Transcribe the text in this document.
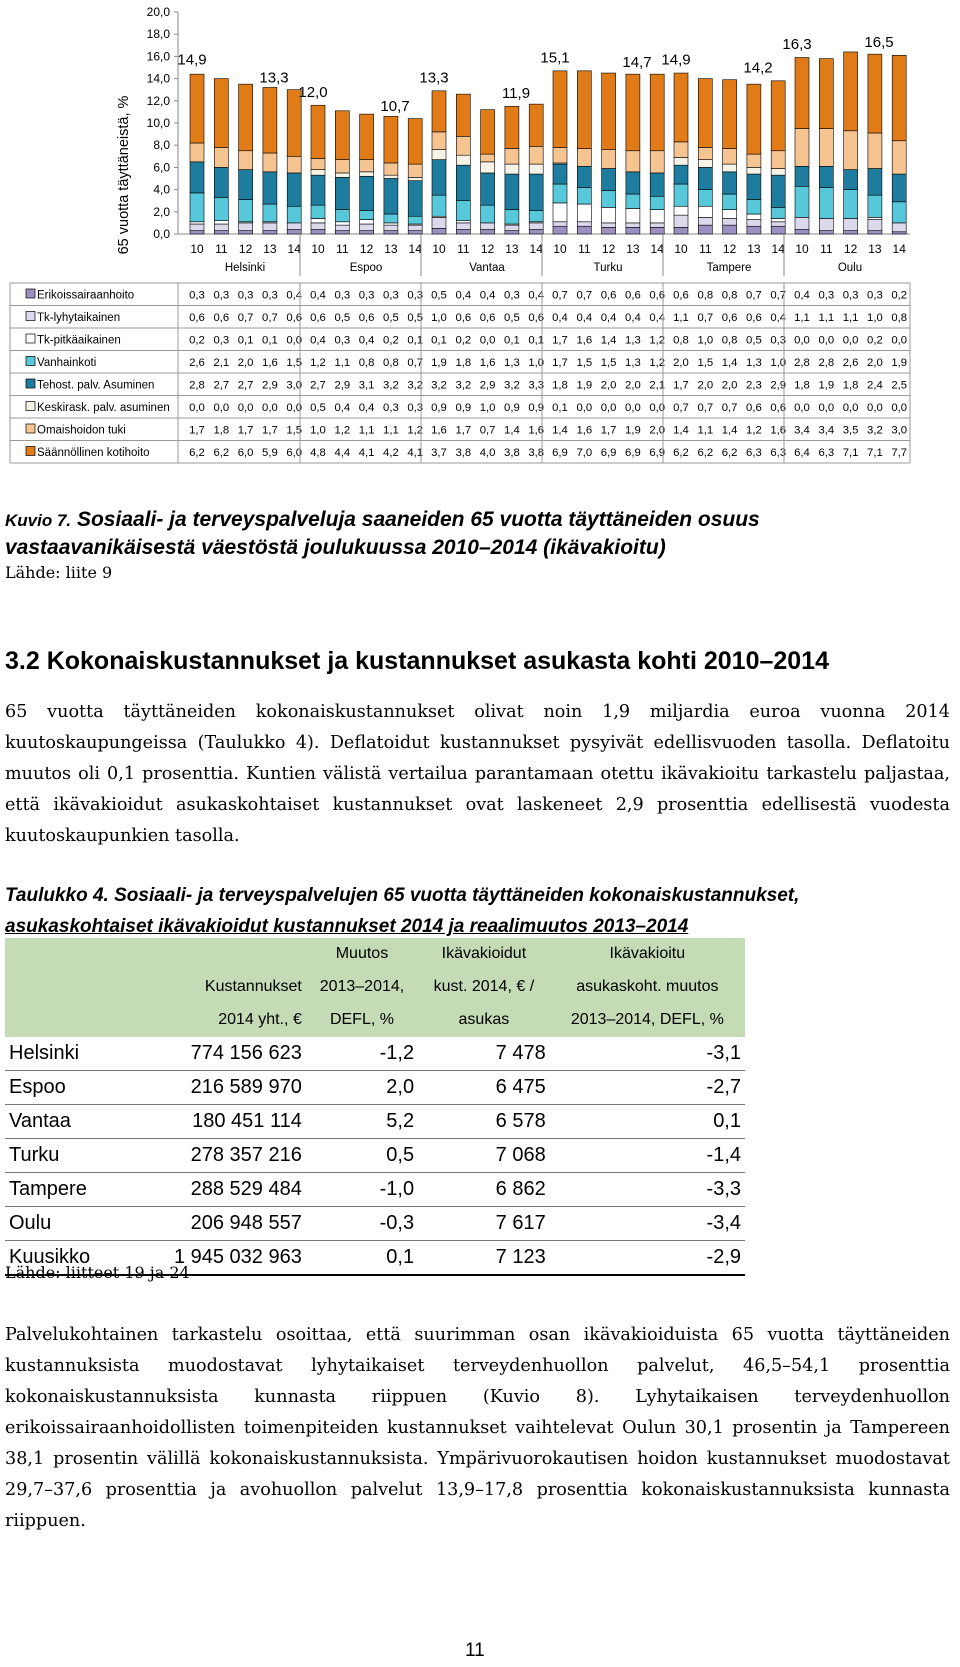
65 vuotta täyttäneistä, % 0,0
2,0
4,0
6,0
8,0
10,0
12,0
14,0
16,0
18,0
20,0
14,9
13,3
12,0
10,7
13,3
11,9
15,1	14,7 14,9	14,2
16,3	16,5
10 11 12 13 14
Helsinki
10 11 12 13 14
Espoo
10 11 12 13 14
Vantaa
10 11 12 13 14
Turku
10 11 12 13 14
Tampere
10 11 12 13 14
Oulu
Erikoissairaanhoito	0,3 0,3 0,3 0,3 0,4 0,4 0,3 0,3 0,3 0,3 0,5 0,4 0,4 0,3 0,4 0,7 0,7 0,6 0,6 0,6 0,6 0,8 0,8 0,7 0,7 0,4 0,3 0,3 0,3 0,2
Tk-lyhytaikainen	0,6 0,6 0,7 0,7 0,6 0,6 0,5 0,6 0,5 0,5 1,0 0,6 0,6 0,5 0,6 0,4 0,4 0,4 0,4 0,4 1,1 0,7 0,6 0,6 0,4 1,1 1,1 1,1 1,0 0,8
Tk-pitkäaikainen	0,2 0,3 0,1 0,1 0,0 0,4 0,3 0,4 0,2 0,1 0,1 0,2 0,0 0,1 0,1 1,7 1,6 1,4 1,3 1,2 0,8 1,0 0,8 0,5 0,3 0,0 0,0 0,0 0,2 0,0
Vanhainkoti	2,6 2,1 2,0 1,6 1,5 1,2 1,1 0,8 0,8 0,7 1,9 1,8 1,6 1,3 1,0 1,7 1,5 1,5 1,3 1,2 2,0 1,5 1,4 1,3 1,0 2,8 2,8 2,6 2,0 1,9
Tehost. palv. Asuminen	2,8 2,7 2,7 2,9 3,0 2,7 2,9 3,1 3,2 3,2 3,2 3,2 2,9 3,2 3,3 1,8 1,9 2,0 2,0 2,1 1,7 2,0 2,0 2,3 2,9 1,8 1,9 1,8 2,4 2,5
Keskirask. palv. asuminen 0,0 0,0 0,0 0,0 0,0 0,5 0,4 0,4 0,3 0,3 0,9 0,9 1,0 0,9 0,9 0,1 0,0 0,0 0,0 0,0 0,7 0,7 0,7 0,6 0,6 0,0 0,0 0,0 0,0 0,0
Omaishoidon tuki	1,7 1,8 1,7 1,7 1,5 1,0 1,2 1,1 1,1 1,2 1,6 1,7 0,7 1,4 1,6 1,4 1,6 1,7 1,9 2,0 1,4 1,1 1,4 1,2 1,6 3,4 3,4 3,5 3,2 3,0
Säännöllinen kotihoito	6,2 6,2 6,0 5,9 6,0 4,8 4,4 4,1 4,2 4,1 3,7 3,8 4,0 3,8 3,8 6,9 7,0 6,9 6,9 6,9 6,2 6,2 6,2 6,3 6,3 6,4 6,3 7,1 7,1 7,7
Kuvio 7. Sosiaali- ja terveyspalveluja saaneiden 65 vuotta täyttäneiden osuus vastaavanikäisestä väestöstä joulukuussa 2010–2014 (ikävakioitu)
Lähde: liite 9
3.2 Kokonaiskustannukset ja kustannukset asukasta kohti 2010–2014
65 vuotta täyttäneiden kokonaiskustannukset olivat noin 1,9 miljardia euroa vuonna 2014 kuutoskaupungeissa (Taulukko 4). Deflatoidut kustannukset pysyivät edellisvuoden tasolla. Deflatoitu muutos oli 0,1 prosenttia. Kuntien välistä vertailua parantamaan otettu ikävakioitu tarkastelu paljastaa, että ikävakioidut asukaskohtaiset kustannukset ovat laskeneet 2,9 prosenttia edellisestä vuodesta kuutoskaupunkien tasolla.
Taulukko 4. Sosiaali- ja terveyspalvelujen 65 vuotta täyttäneiden kokonaiskustannukset,
asukaskohtaiset ikävakioidut kustannukset 2014 ja reaalimuutos 2013–2014
		Muutos	Ikävakioidut	Ikävakioitu
	Kustannukset	2013–2014,	kust. 2014, € /	asukaskoht. muutos
	2014 yht., €	DEFL, %	asukas	2013–2014, DEFL, %
Helsinki	774 156 623	-1,2	7 478	-3,1
Espoo	216 589 970	2,0	6 475	-2,7
Vantaa	180 451 114	5,2	6 578	0,1
Turku	278 357 216	0,5	7 068	-1,4
Tampere	288 529 484	-1,0	6 862	-3,3
Oulu	206 948 557	-0,3	7 617	-3,4
Kuusikko	1 945 032 963	0,1	7 123	-2,9
Lähde: liitteet 19 ja 24
Palvelukohtainen tarkastelu osoittaa, että suurimman osan ikävakioiduista 65 vuotta täyttäneiden kustannuksista muodostavat lyhytaikaiset terveydenhuollon palvelut, 46,5–54,1 prosenttia kokonaiskustannuksista kunnasta riippuen (Kuvio 8). Lyhytaikaisen terveydenhuollon erikoissairaanhoidollisten toimenpiteiden kustannukset vaihtelevat Oulun 30,1 prosentin ja Tampereen 38,1 prosentin välillä kokonaiskustannuksista. Ympärivuorokautisen hoidon kustannukset muodostavat 29,7–37,6 prosenttia ja avohuollon palvelut 13,9–17,8 prosenttia kokonaiskustannuksista kunnasta riippuen.
11
